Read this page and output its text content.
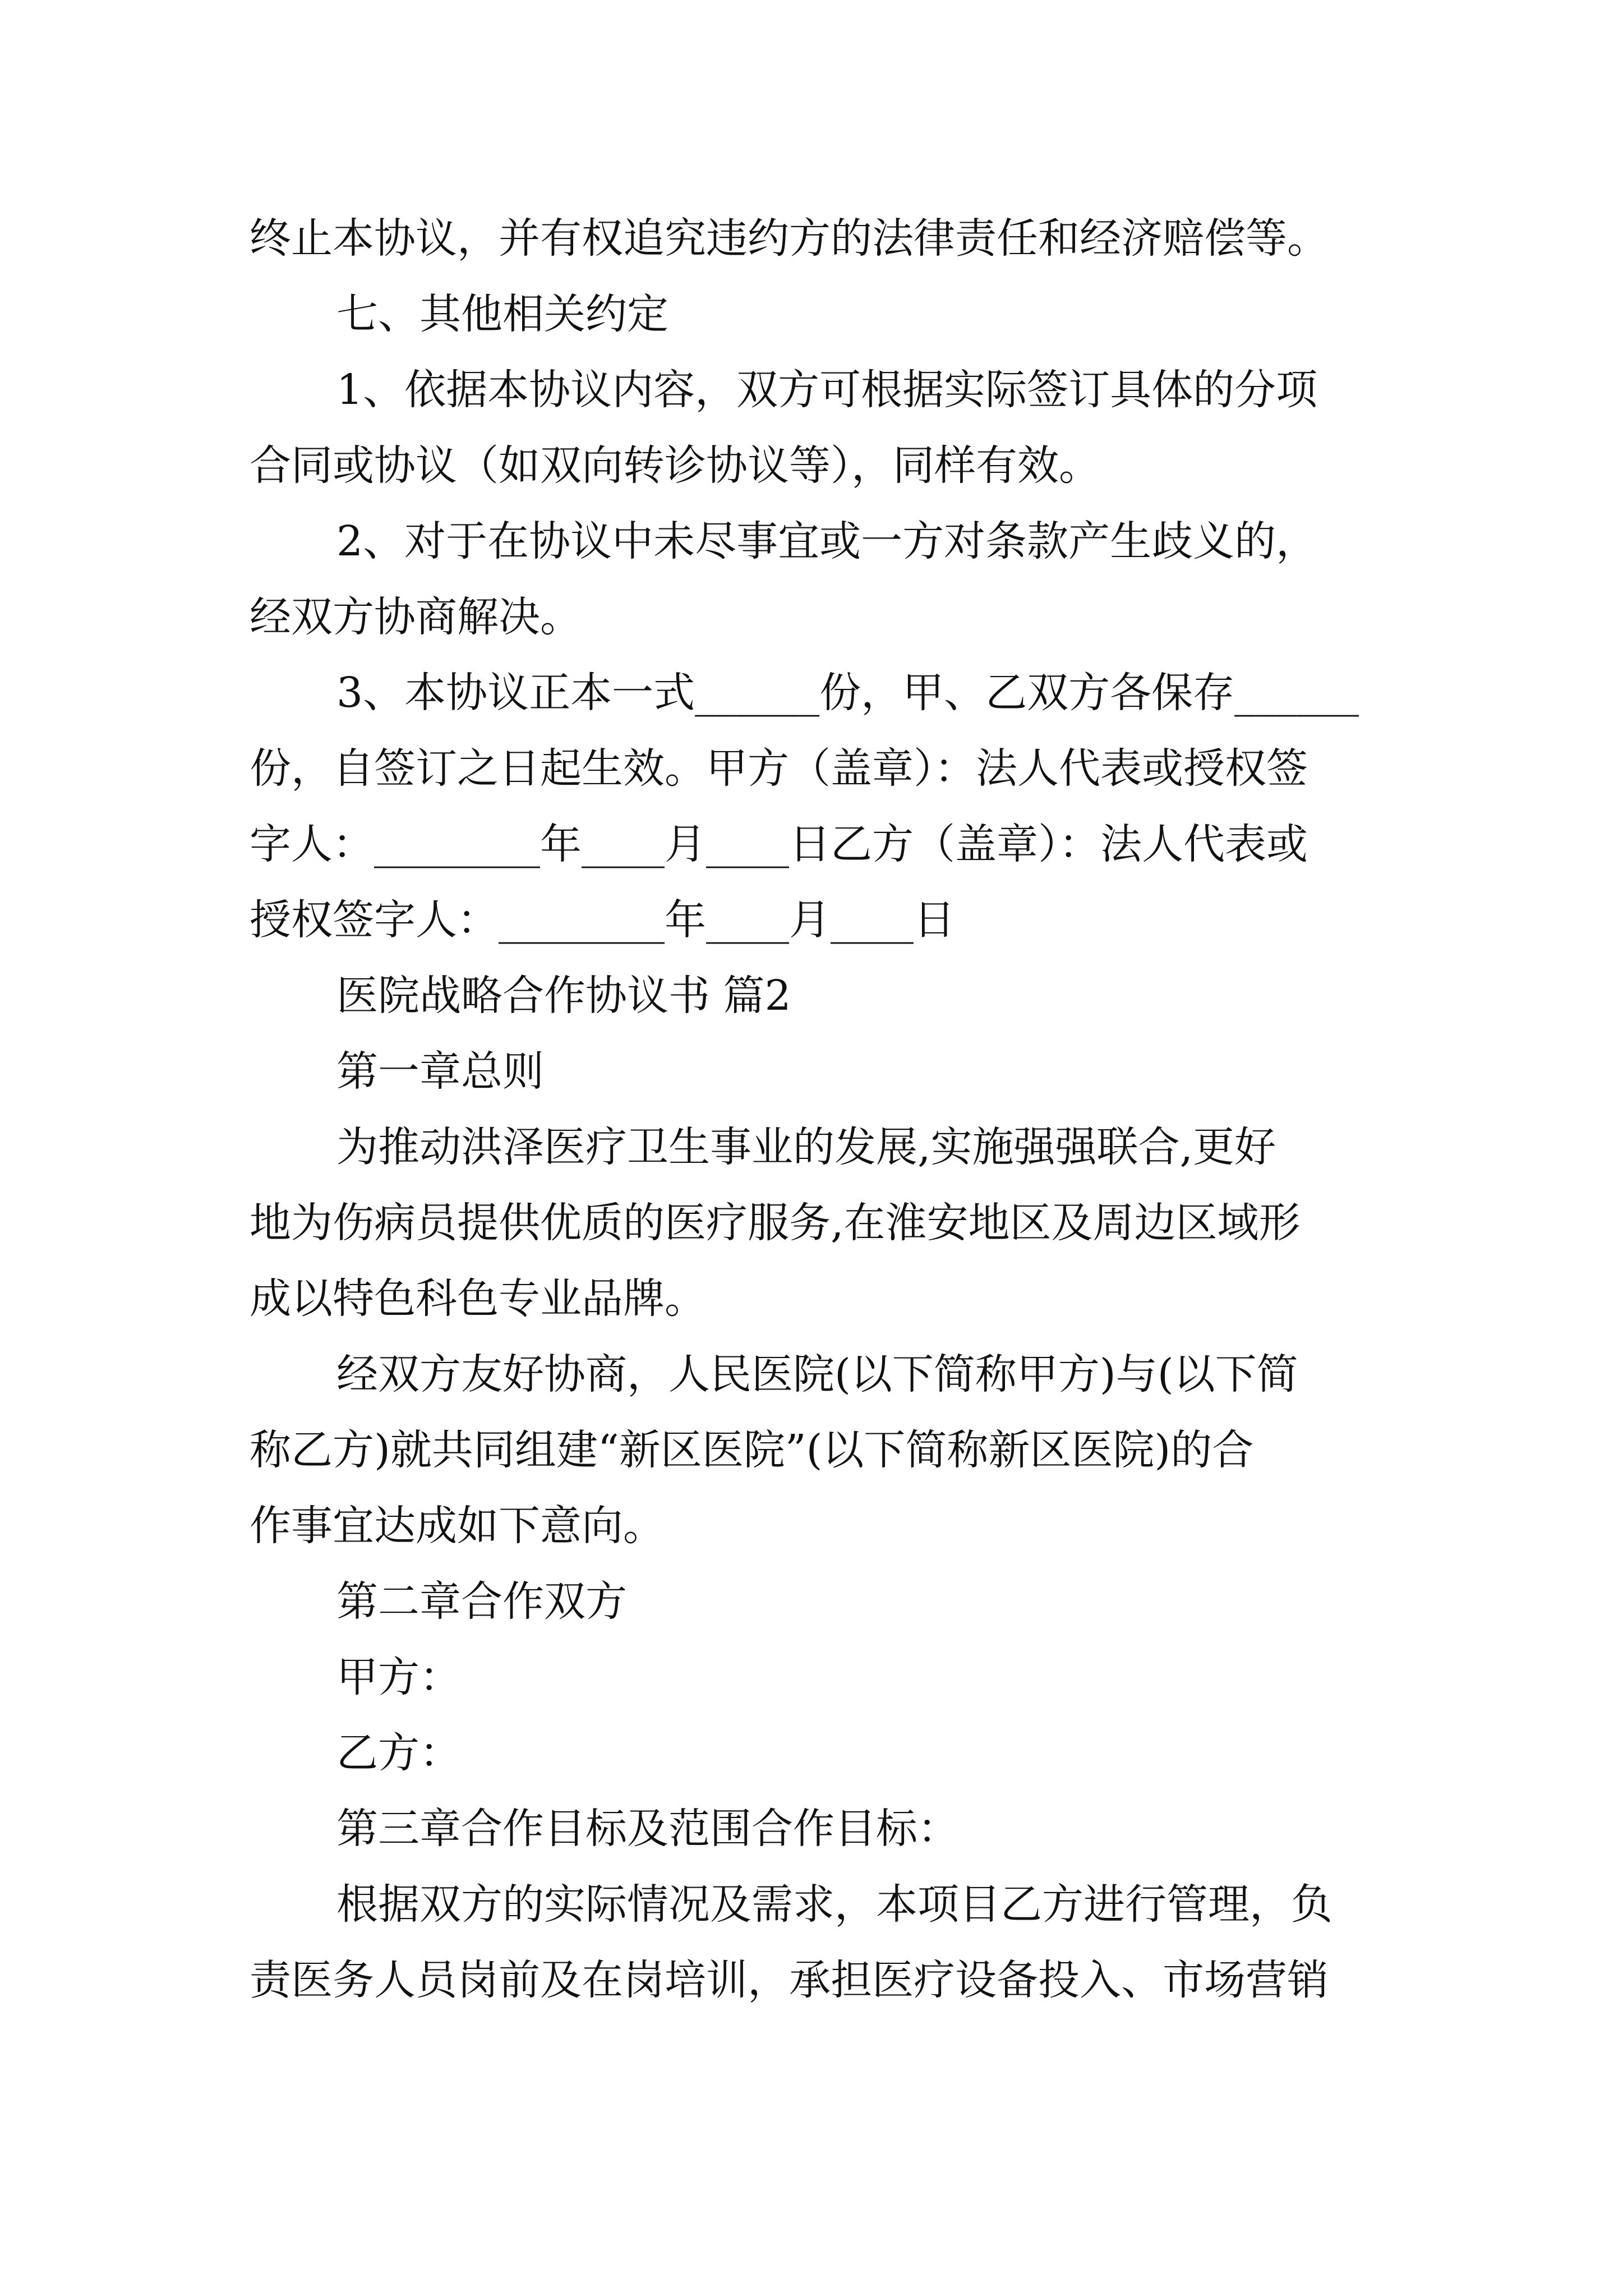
终止本协议，并有权追究违约方的法律责任和经济赔偿等。
七、其他相关约定
1、依据本协议内容，双方可根据实际签订具体的分项
合同或协议（如双向转诊协议等），同样有效。
2、对于在协议中未尽事宜或一方对条款产生歧义的，
经双方协商解决。
3、本协议正本一式______份，甲、乙双方各保存______
份，自签订之日起生效。甲方（盖章）：法人代表或授权签
字人：________年____月____日乙方（盖章）：法人代表或
授权签字人：________年____月____日
医院战略合作协议书 篇2
第一章总则
为推动洪泽医疗卫生事业的发展,实施强强联合,更好
地为伤病员提供优质的医疗服务,在淮安地区及周边区域形
成以特色科色专业品牌。
经双方友好协商，人民医院(以下简称甲方)与(以下简
称乙方)就共同组建“新区医院”(以下简称新区医院)的合
作事宜达成如下意向。
第二章合作双方
甲方：
乙方：
第三章合作目标及范围合作目标：
根据双方的实际情况及需求，本项目乙方进行管理，负
责医务人员岗前及在岗培训，承担医疗设备投入、市场营销
